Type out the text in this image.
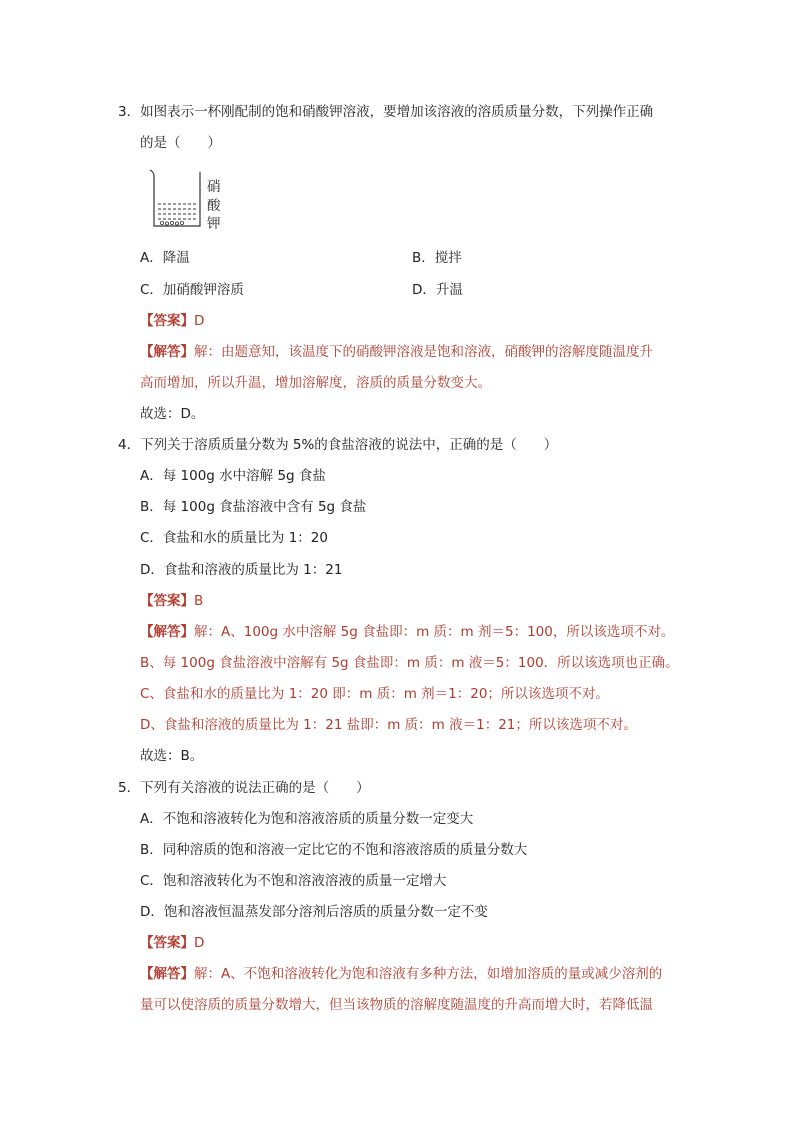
3．如图表示一杯刚配制的饱和硝酸钾溶液，要增加该溶液的溶质质量分数，下列操作正确
的是（　　）
硝
酸
钾
A．降温	B．搅拌
C．加硝酸钾溶质	D．升温
【答案】D
【解答】解：由题意知，该温度下的硝酸钾溶液是饱和溶液，硝酸钾的溶解度随温度升
高而增加，所以升温，增加溶解度，溶质的质量分数变大。
故选：D。
4．下列关于溶质质量分数为 5%的食盐溶液的说法中，正确的是（　　）
A．每 100g 水中溶解 5g 食盐
B．每 100g 食盐溶液中含有 5g 食盐
C．食盐和水的质量比为 1：20
D．食盐和溶液的质量比为 1：21
【答案】B
【解答】解：A、100g 水中溶解 5g 食盐即：m 质：m 剂＝5：100，所以该选项不对。
B、每 100g 食盐溶液中溶解有 5g 食盐即：m 质：m 液＝5：100．所以该选项也正确。
C、食盐和水的质量比为 1：20 即：m 质：m 剂＝1：20；所以该选项不对。
D、食盐和溶液的质量比为 1：21 盐即：m 质：m 液＝1：21；所以该选项不对。
故选：B。
5．下列有关溶液的说法正确的是（　　）
A．不饱和溶液转化为饱和溶液溶质的质量分数一定变大
B．同种溶质的饱和溶液一定比它的不饱和溶液溶质的质量分数大
C．饱和溶液转化为不饱和溶液溶液的质量一定增大
D．饱和溶液恒温蒸发部分溶剂后溶质的质量分数一定不变
【答案】D
【解答】解：A、不饱和溶液转化为饱和溶液有多种方法，如增加溶质的量或减少溶剂的
量可以使溶质的质量分数增大，但当该物质的溶解度随温度的升高而增大时，若降低温
